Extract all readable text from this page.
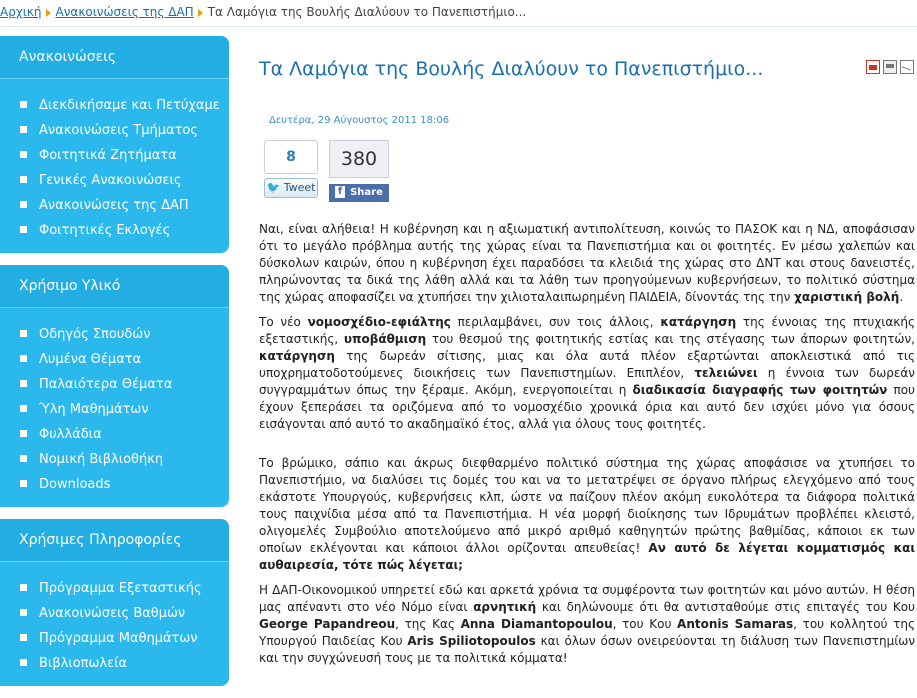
Αρχική Ανακοινώσεις της ΔΑΠ Τα Λαμόγια της Βουλής Διαλύουν το Πανεπιστήμιο...
Ανακοινώσεις
Διεκδικήσαμε και Πετύχαμε
Ανακοινώσεις Τμήματος
Φοιτητικά Ζητήματα
Γενικές Ανακοινώσεις
Ανακοινώσεις της ΔΑΠ
Φοιτητικές Εκλογές
Χρήσιμο Υλικό
Οδηγός Σπουδών
Λυμένα Θέματα
Παλαιότερα Θέματα
Ύλη Μαθημάτων
Φυλλάδια
Νομική Βιβλιοθήκη
Downloads
Χρήσιμες Πληροφορίες
Πρόγραμμα Εξεταστικής
Ανακοινώσεις Βαθμών
Πρόγραμμα Μαθημάτων
Βιβλιοπωλεία
Τα Λαμόγια της Βουλής Διαλύουν το Πανεπιστήμιο...
Δευτέρα, 29 Αύγουστος 2011 18:06
8
🐦 Tweet
380
f Share

Ναι, είναι αλήθεια! Η κυβέρνηση και η αξιωματική αντιπολίτευση, κοινώς το ΠΑΣΟΚ και η ΝΔ, αποφάσισαν ότι το μεγάλο πρόβλημα αυτής της χώρας είναι τα Πανεπιστήμια και οι φοιτητές. Εν μέσω χαλεπών και δύσκολων καιρών, όπου η κυβέρνηση έχει παραδόσει τα κλειδιά της χώρας στο ΔΝΤ και στους δανειστές, πληρώνοντας τα δικά της λάθη αλλά και τα λάθη των προηγούμενων κυβερνήσεων, το πολιτικό σύστημα της χώρας αποφασίζει να χτυπήσει την χιλιοταλαιπωρημένη ΠΑΙΔΕΙΑ, δίνοντάς της την χαριστική βολή.

Το νέο νομοσχέδιο-εφιάλτης περιλαμβάνει, συν τοις άλλοις, κατάργηση της έννοιας της πτυχιακής εξεταστικής, υποβάθμιση του θεσμού της φοιτητικής εστίας και της στέγασης των άπορων φοιτητών, κατάργηση της δωρεάν σίτισης, μιας και όλα αυτά πλέον εξαρτώνται αποκλειστικά από τις υποχρηματοδοτούμενες διοικήσεις των Πανεπιστημίων. Επιπλέον, τελειώνει η έννοια των δωρεάν συγγραμμάτων όπως την ξέραμε. Ακόμη, ενεργοποιείται η διαδικασία διαγραφής των φοιτητών που έχουν ξεπεράσει τα οριζόμενα από το νομοσχέδιο χρονικά όρια και αυτό δεν ισχύει μόνο για όσους εισάγονται από αυτό το ακαδημαϊκό έτος, αλλά για όλους τους φοιτητές.

Το βρώμικο, σάπιο και άκρως διεφθαρμένο πολιτικό σύστημα της χώρας αποφάσισε να χτυπήσει το Πανεπιστήμιο, να διαλύσει τις δομές του και να το μετατρέψει σε όργανο πλήρως ελεγχόμενο από τους εκάστοτε Υπουργούς, κυβερνήσεις κλπ, ώστε να παίζουν πλέον ακόμη ευκολότερα τα διάφορα πολιτικά τους παιχνίδια μέσα από τα Πανεπιστήμια. Η νέα μορφή διοίκησης των Ιδρυμάτων προβλέπει κλειστό, ολιγομελές Συμβούλιο αποτελούμενο από μικρό αριθμό καθηγητών πρώτης βαθμίδας, κάποιοι εκ των οποίων εκλέγονται και κάποιοι άλλοι ορίζονται απευθείας! Αν αυτό δε λέγεται κομματισμός και αυθαιρεσία, τότε πώς λέγεται;

Η ΔΑΠ-Οικονομικού υπηρετεί εδώ και αρκετά χρόνια τα συμφέροντα των φοιτητών και μόνο αυτών. Η θέση μας απέναντι στο νέο Νόμο είναι αρνητική και δηλώνουμε ότι θα αντισταθούμε στις επιταγές του Κου George Papandreou, της Κας Anna Diamantopoulou, του Κου Antonis Samaras, του κολλητού της Υπουργού Παιδείας Κου Aris Spiliotopoulos και όλων όσων ονειρεύονται τη διάλυση των Πανεπιστημίων και την συγχώνευσή τους με τα πολιτικά κόμματα!
